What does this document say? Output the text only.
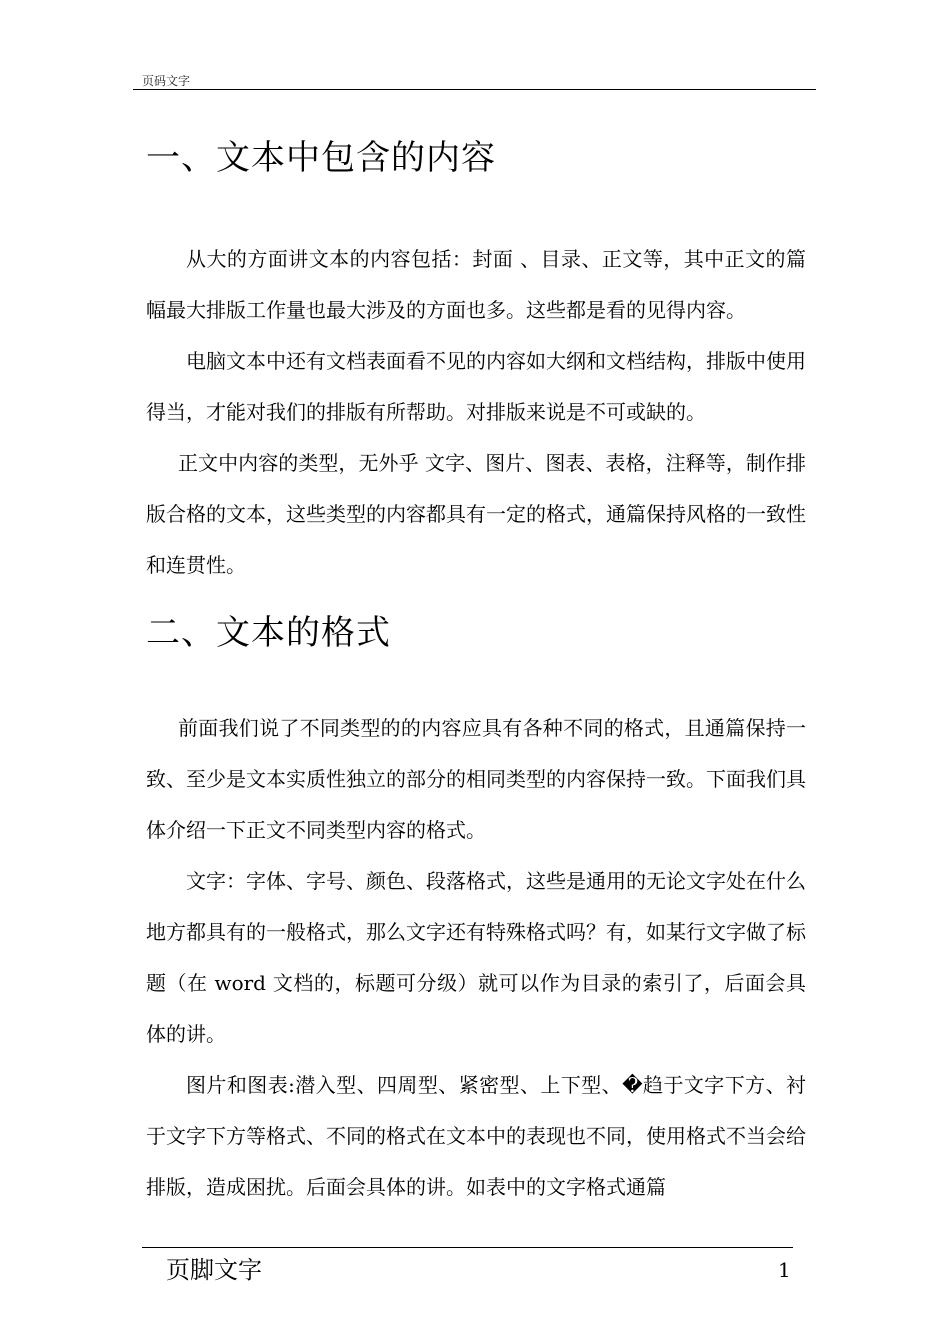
页码文字
一、文本中包含的内容

从大的方面讲文本的内容包括：封面 、目录、正文等，其中正文的篇幅最大排版工作量也最大涉及的方面也多。这些都是看的见得内容。

电脑文本中还有文档表面看不见的内容如大纲和文档结构，排版中使用得当，才能对我们的排版有所帮助。对排版来说是不可或缺的。

正文中内容的类型，无外乎 文字、图片、图表、表格，注释等，制作排版合格的文本，这些类型的内容都具有一定的格式，通篇保持风格的一致性和连贯性。

二、文本的格式

前面我们说了不同类型的的内容应具有各种不同的格式，且通篇保持一致、至少是文本实质性独立的部分的相同类型的内容保持一致。下面我们具体介绍一下正文不同类型内容的格式。

文字：字体、字号、颜色、段落格式，这些是通用的无论文字处在什么地方都具有的一般格式，那么文字还有特殊格式吗？有，如某行文字做了标题（在 word 文档的，标题可分级）就可以作为目录的索引了，后面会具体的讲。

图片和图表:潜入型、四周型、紧密型、上下型、�趋于文字下方、衬于文字下方等格式、不同的格式在文本中的表现也不同，使用格式不当会给排版，造成困扰。后面会具体的讲。如表中的文字格式通篇

页脚文字	1
